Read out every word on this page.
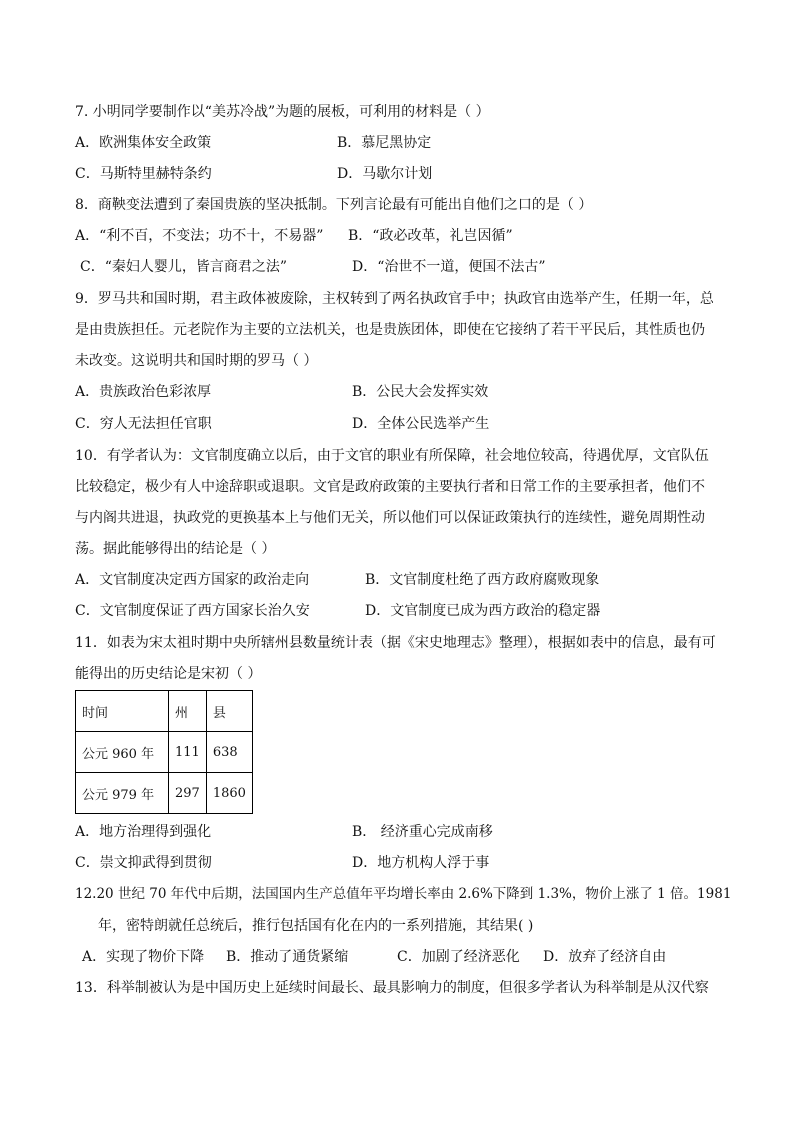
7. 小明同学要制作以“美苏冷战”为题的展板，可利用的材料是（ ）
A．欧洲集体安全政策	B．慕尼黑协定
C．马斯特里赫特条约	D．马歇尔计划
8．商鞅变法遭到了秦国贵族的坚决抵制。下列言论最有可能出自他们之口的是（ ）
A．“利不百，不变法；功不十，不易器” B．“政必改革，礼岂因循”
C．“秦妇人婴儿，皆言商君之法”	D．“治世不一道，便国不法古”
9．罗马共和国时期，君主政体被废除，主权转到了两名执政官手中；执政官由选举产生，任期一年，总
是由贵族担任。元老院作为主要的立法机关，也是贵族团体，即使在它接纳了若干平民后，其性质也仍
未改变。这说明共和国时期的罗马（ ）
A．贵族政治色彩浓厚	B．公民大会发挥实效
C．穷人无法担任官职	D．全体公民选举产生
10．有学者认为：文官制度确立以后，由于文官的职业有所保障，社会地位较高，待遇优厚，文官队伍
比较稳定，极少有人中途辞职或退职。文官是政府政策的主要执行者和日常工作的主要承担者，他们不
与内阁共进退，执政党的更换基本上与他们无关，所以他们可以保证政策执行的连续性，避免周期性动
荡。据此能够得出的结论是（ ）
A．文官制度决定西方国家的政治走向	B．文官制度杜绝了西方政府腐败现象
C．文官制度保证了西方国家长治久安	D．文官制度已成为西方政治的稳定器
11．如表为宋太祖时期中央所辖州县数量统计表（据《宋史地理志》整理），根据如表中的信息，最有可
能得出的历史结论是宋初（ ）
时间	州	县
公元 960 年	111	638
公元 979 年	297	1860
A．地方治理得到强化	B． 经济重心完成南移
C．崇文抑武得到贯彻	D．地方机构人浮于事
12.20 世纪 70 年代中后期，法国国内生产总值年平均增长率由 2.6%下降到 1.3%，物价上涨了 1 倍。1981
年，密特朗就任总统后，推行包括国有化在内的一系列措施，其结果( )
A．实现了物价下降 B．推动了通货紧缩	C．加剧了经济恶化 D．放弃了经济自由
13．科举制被认为是中国历史上延续时间最长、最具影响力的制度，但很多学者认为科举制是从汉代察
